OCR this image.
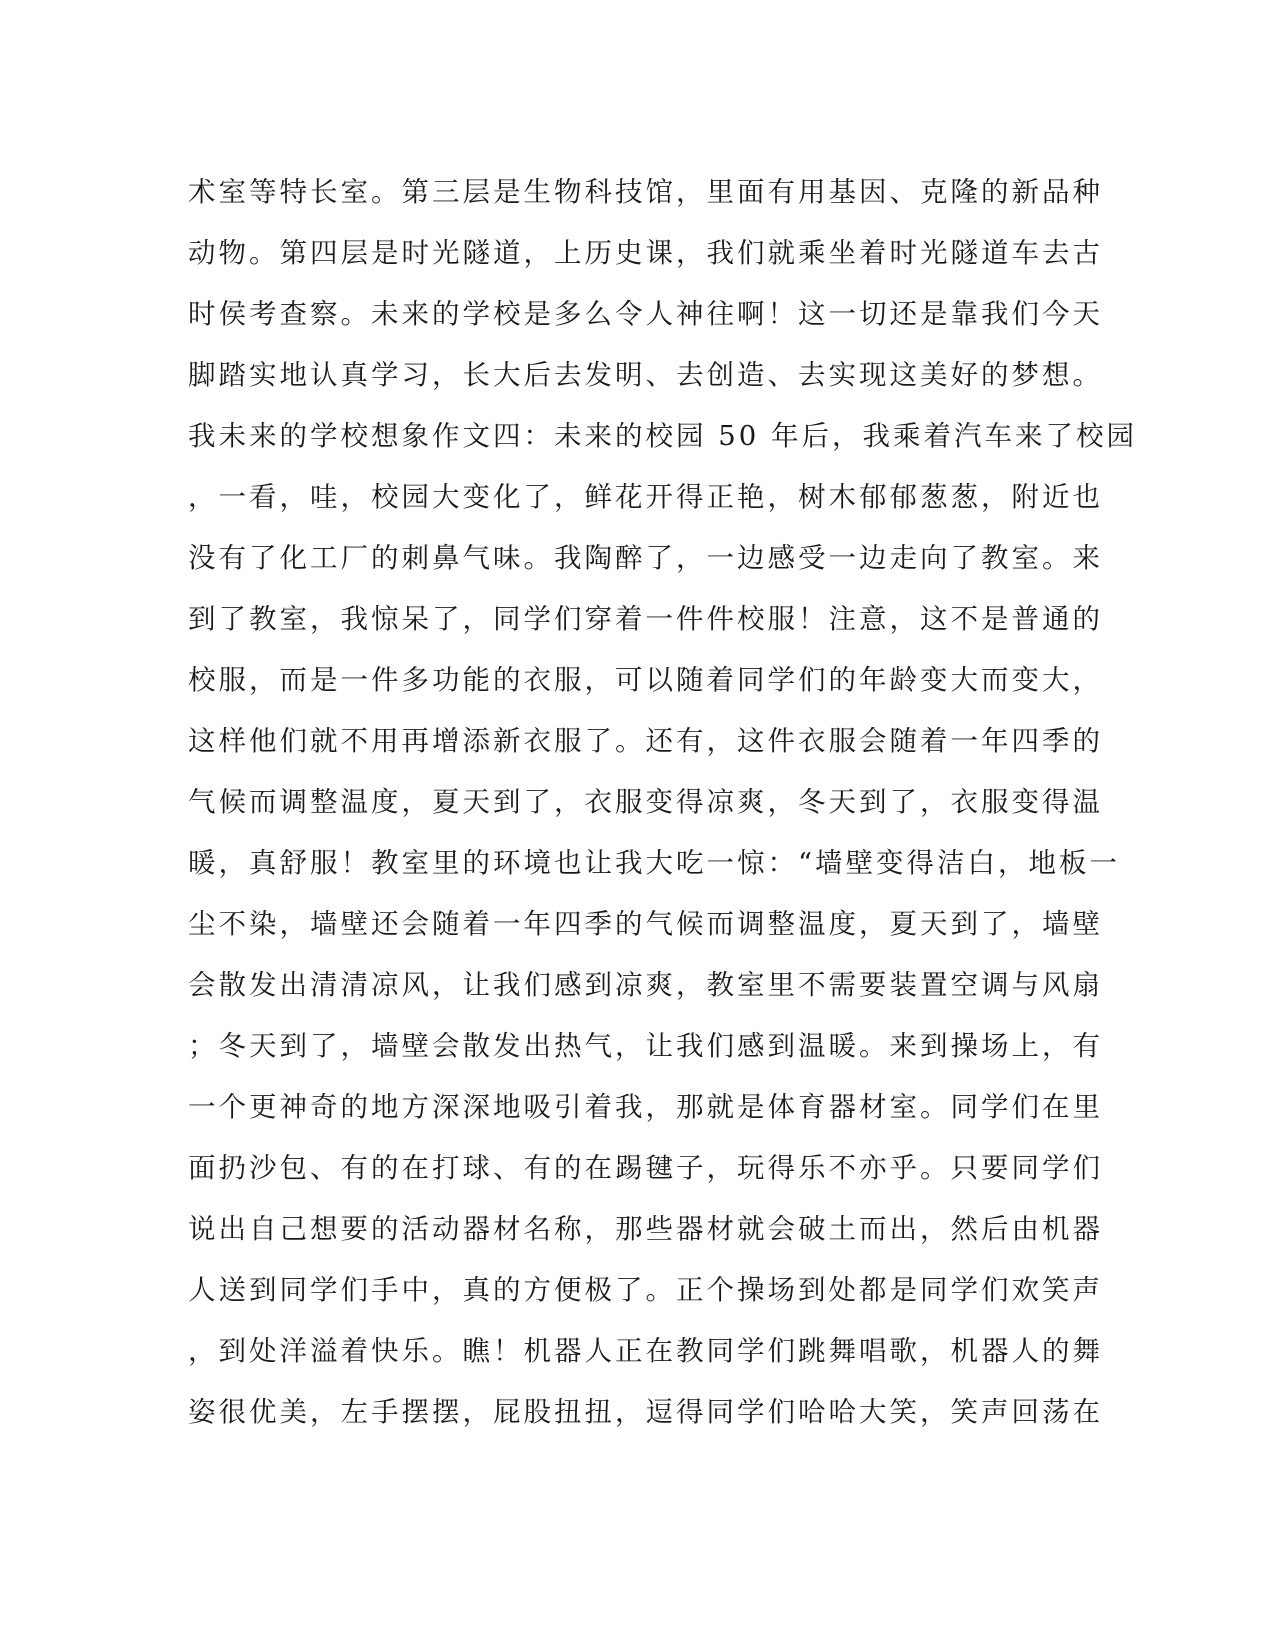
术室等特长室。第三层是生物科技馆，里面有用基因、克隆的新品种
动物。第四层是时光隧道，上历史课，我们就乘坐着时光隧道车去古
时侯考查察。未来的学校是多么令人神往啊！这一切还是靠我们今天
脚踏实地认真学习，长大后去发明、去创造、去实现这美好的梦想。
我未来的学校想象作文四：未来的校园 50 年后，我乘着汽车来了校园
，一看，哇，校园大变化了，鲜花开得正艳，树木郁郁葱葱，附近也
没有了化工厂的刺鼻气味。我陶醉了，一边感受一边走向了教室。来
到了教室，我惊呆了，同学们穿着一件件校服！注意，这不是普通的
校服，而是一件多功能的衣服，可以随着同学们的年龄变大而变大，
这样他们就不用再增添新衣服了。还有，这件衣服会随着一年四季的
气候而调整温度，夏天到了，衣服变得凉爽，冬天到了，衣服变得温
暖，真舒服！教室里的环境也让我大吃一惊：“墙壁变得洁白，地板一
尘不染，墙壁还会随着一年四季的气候而调整温度，夏天到了，墙壁
会散发出清清凉风，让我们感到凉爽，教室里不需要装置空调与风扇
；冬天到了，墙壁会散发出热气，让我们感到温暖。来到操场上，有
一个更神奇的地方深深地吸引着我，那就是体育器材室。同学们在里
面扔沙包、有的在打球、有的在踢毽子，玩得乐不亦乎。只要同学们
说出自己想要的活动器材名称，那些器材就会破土而出，然后由机器
人送到同学们手中，真的方便极了。正个操场到处都是同学们欢笑声
，到处洋溢着快乐。瞧！机器人正在教同学们跳舞唱歌，机器人的舞
姿很优美，左手摆摆，屁股扭扭，逗得同学们哈哈大笑，笑声回荡在
